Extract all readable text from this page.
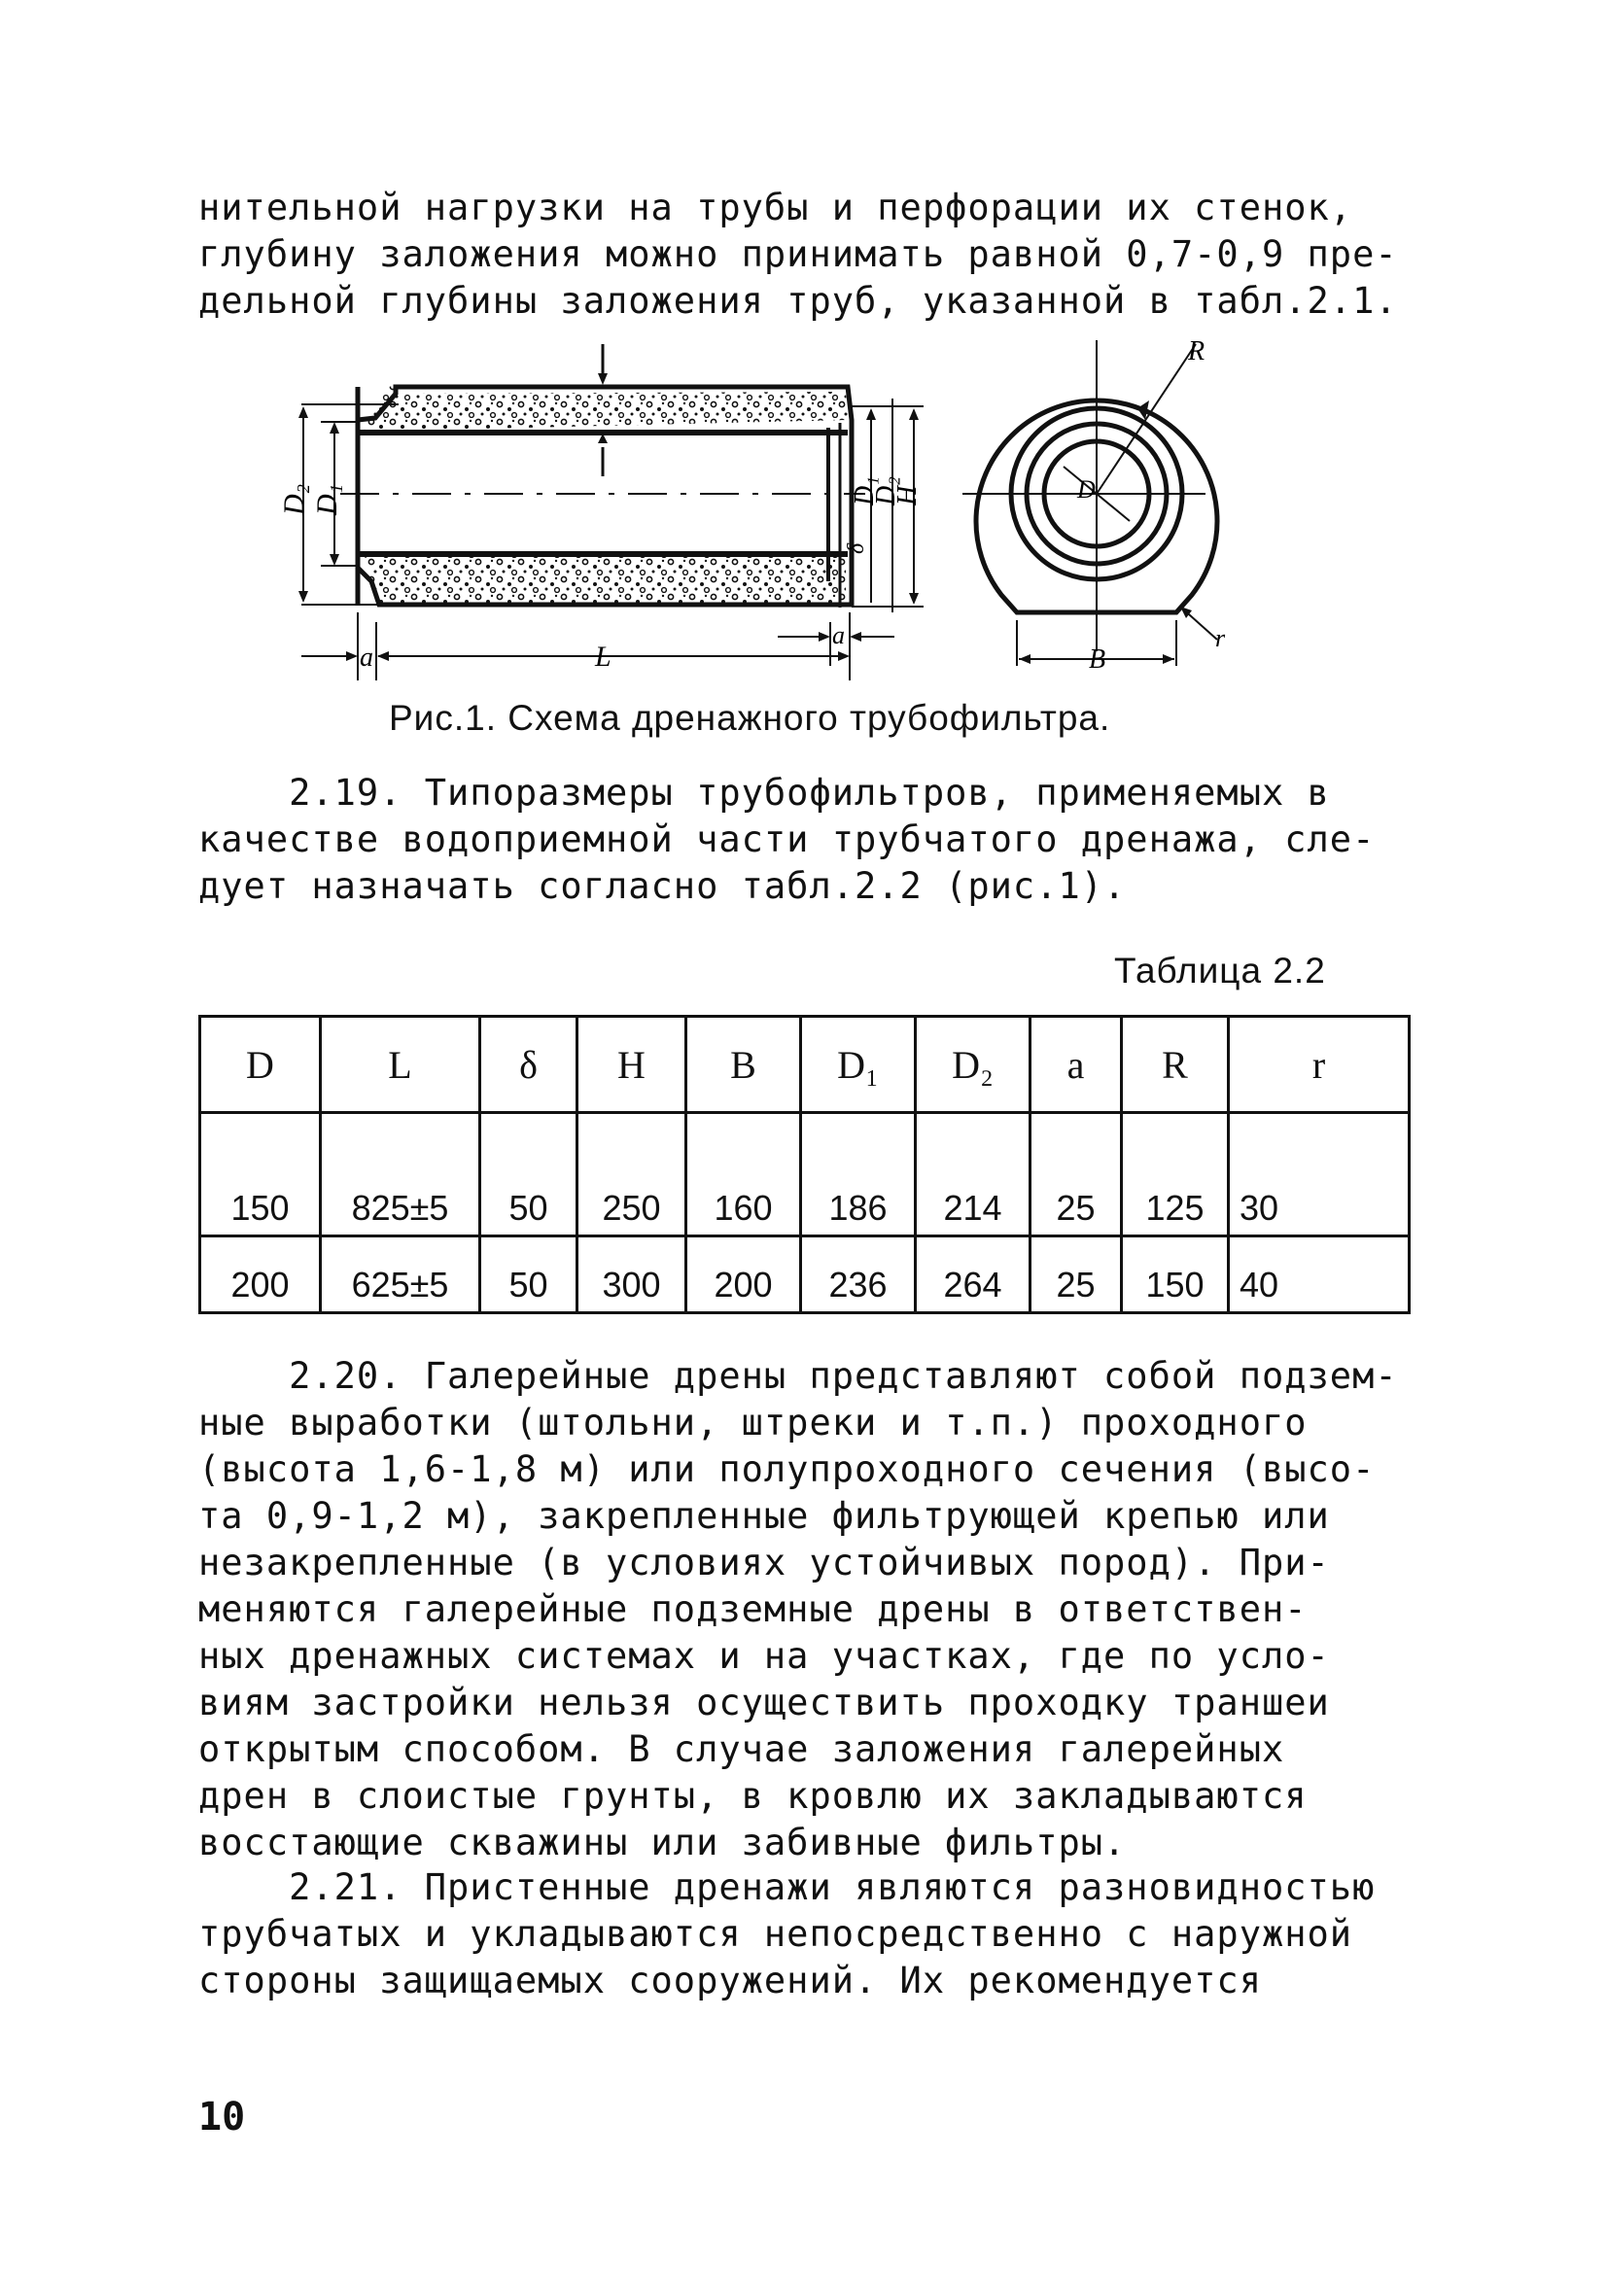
нительной нагрузки на трубы и перфорации их стенок,
глубину заложения можно принимать равной 0,7-0,9 пре-
дельной глубины заложения труб, указанной в табл.2.1.
D₂ D₁	D₁
D₂
H
δ
a	L
a
R
D
B
r
Рис.1. Схема дренажного трубофильтра.
2.19. Типоразмеры трубофильтров, применяемых в
качестве водоприемной части трубчатого дренажа, сле-
дует назначать согласно табл.2.2 (рис.1).
Таблица 2.2
D	L	δ	H	B	D₁	D₂	a	R	r
150	825±5	50	250	160	186	214	25	125	30
200	625±5	50	300	200	236	264	25	150	40
2.20. Галерейные дрены представляют собой подзем-
ные выработки (штольни, штреки и т.п.) проходного
(высота 1,6-1,8 м) или полупроходного сечения (высо-
та 0,9-1,2 м), закрепленные фильтрующей крепью или
незакрепленные (в условиях устойчивых пород). При-
меняются галерейные подземные дрены в ответствен-
ных дренажных системах и на участках, где по усло-
виям застройки нельзя осуществить проходку траншеи
открытым способом. В случае заложения галерейных
дрен в слоистые грунты, в кровлю их закладываются
восстающие скважины или забивные фильтры.
2.21. Пристенные дренажи являются разновидностью
трубчатых и укладываются непосредственно с наружной
стороны защищаемых сооружений. Их рекомендуется
10
